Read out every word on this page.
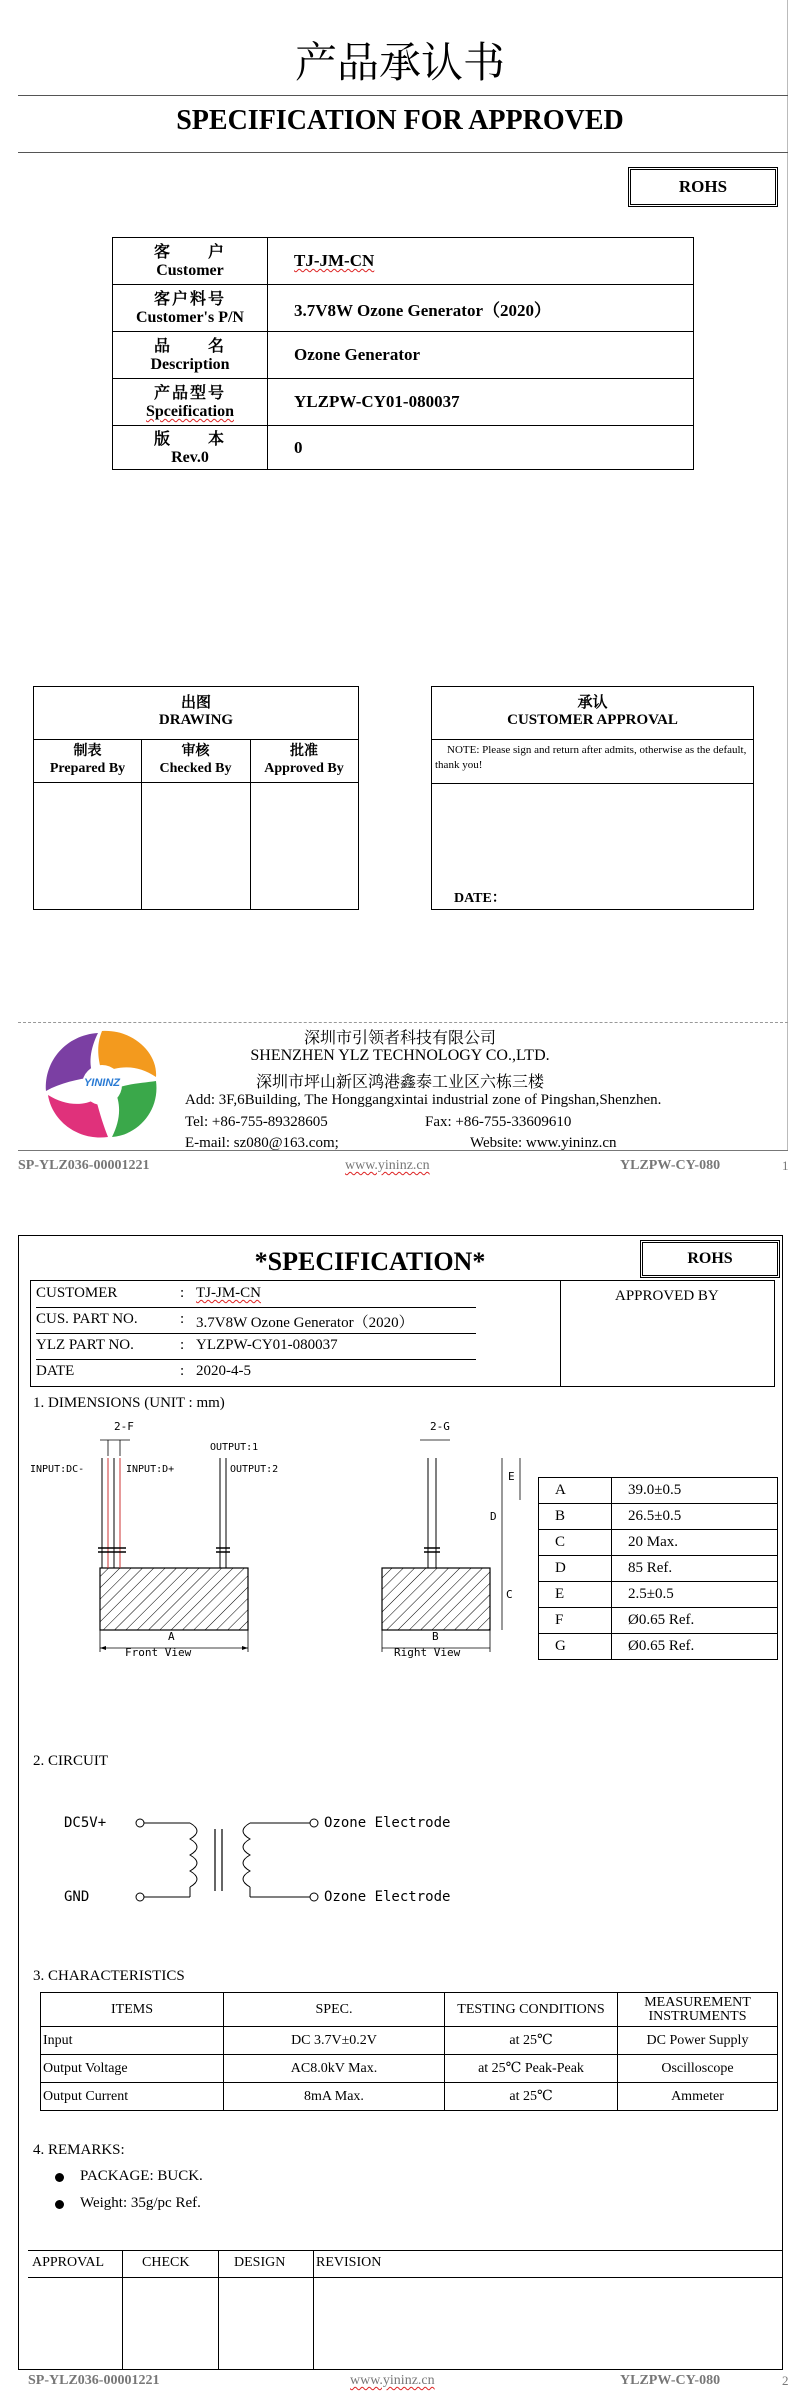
产品承认书
SPECIFICATION FOR APPROVED
ROHS
客　　户
Customer	TJ-JM-CN

客户料号
Customer's P/N	3.7V8W Ozone Generator（2020）

品　　名
Description	Ozone Generator

产品型号
Spceification	YLZPW-CY01-080037

版　　本
Rev.0	0
出图
DRAWING
制表
Prepared By
审核
Checked By
批准
Approved By
承认
CUSTOMER APPROVAL
NOTE: Please sign and return after admits, otherwise as the default, thank you!
DATE：
YININZ
深圳市引领者科技有限公司
SHENZHEN YLZ TECHNOLOGY CO.,LTD.
深圳市坪山新区鸿港鑫泰工业区六栋三楼
Add: 3F,6Building, The Honggangxintai industrial zone of Pingshan,Shenzhen.
Tel: +86-755-89328605	Fax: +86-755-33609610
E-mail: sz080@163.com;	Website: www.yininz.cn
SP-YLZ036-00001221	www.yininz.cn	YLZPW-CY-080	1
*SPECIFICATION*	ROHS
APPROVED BY
CUSTOMER	: TJ-JM-CN
CUS. PART NO.	: 3.7V8W Ozone Generator（2020）
YLZ PART NO.	: YLZPW-CY01-080037
DATE	: 2020-4-5
1. DIMENSIONS (UNIT : mm)
2-F
INPUT:DC-	INPUT:D+
OUTPUT:1
OUTPUT:2
A
Front View
2-G
E
D
C
B
Right View
A	39.0±0.5
B	26.5±0.5
C	20 Max.
D	85 Ref.
E	2.5±0.5
F	Ø0.65 Ref.
G	Ø0.65 Ref.
2. CIRCUIT
DC5V+
GND
Ozone Electrode
Ozone Electrode
3. CHARACTERISTICS
ITEMS	SPEC.	TESTING CONDITIONS	MEASUREMENT INSTRUMENTS
Input	DC 3.7V±0.2V	at 25℃	DC Power Supply
Output Voltage	AC8.0kV Max.	at 25℃ Peak-Peak	Oscilloscope
Output Current	8mA Max.	at 25℃	Ammeter
4. REMARKS:
PACKAGE: BUCK.
Weight: 35g/pc Ref.
APPROVAL	CHECK	DESIGN REVISION
SP-YLZ036-00001221	www.yininz.cn	YLZPW-CY-080	2
